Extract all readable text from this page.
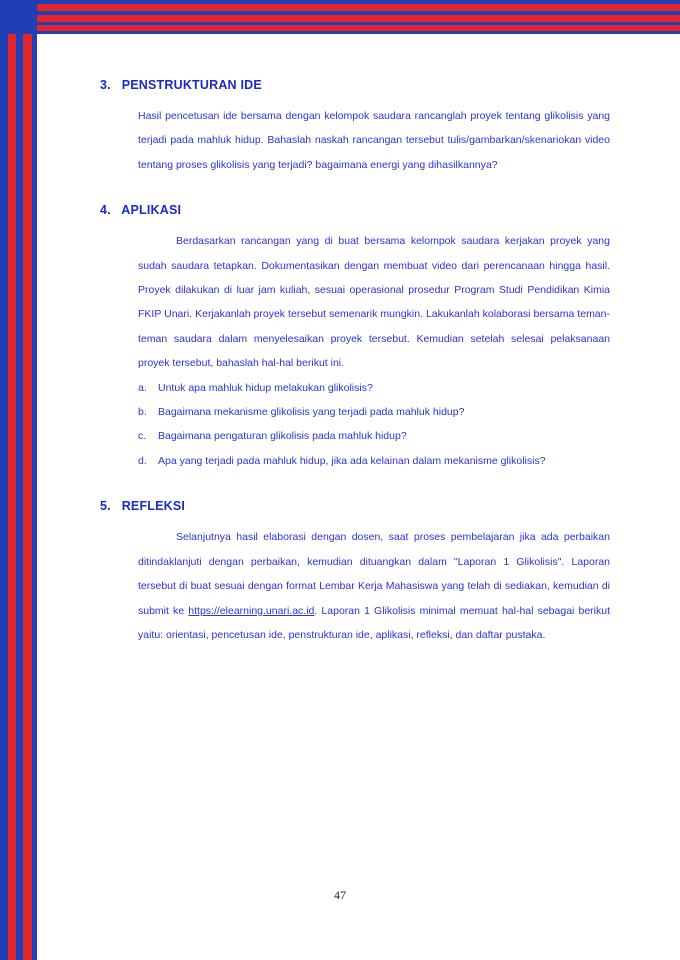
3. PENSTRUKTURAN IDE

Hasil pencetusan ide bersama dengan kelompok saudara rancanglah proyek tentang glikolisis yang terjadi pada mahluk hidup. Bahaslah naskah rancangan tersebut tulis/gambarkan/skenariokan video tentang proses glikolisis yang terjadi? bagaimana energi yang dihasilkannya?

4. APLIKASI

Berdasarkan rancangan yang di buat bersama kelompok saudara kerjakan proyek yang sudah saudara tetapkan. Dokumentasikan dengan membuat video dari perencanaan hingga hasil. Proyek dilakukan di luar jam kuliah, sesuai operasional prosedur Program Studi Pendidikan Kimia FKIP Unari. Kerjakanlah proyek tersebut semenarik mungkin. Lakukanlah kolaborasi bersama teman-teman saudara dalam menyelesaikan proyek tersebut. Kemudian setelah selesai pelaksanaan proyek tersebut, bahaslah hal-hal berikut ini.

a. Untuk apa mahluk hidup melakukan glikolisis?
b. Bagaimana mekanisme glikolisis yang terjadi pada mahluk hidup?
c. Bagaimana pengaturan glikolisis pada mahluk hidup?
d. Apa yang terjadi pada mahluk hidup, jika ada kelainan dalam mekanisme glikolisis?
5. REFLEKSI

Selanjutnya hasil elaborasi dengan dosen, saat proses pembelajaran jika ada perbaikan ditindaklanjuti dengan perbaikan, kemudian dituangkan dalam "Laporan 1 Glikolisis". Laporan tersebut di buat sesuai dengan format Lembar Kerja Mahasiswa yang telah di sediakan, kemudian di submit ke https://elearning.unari.ac.id. Laporan 1 Glikolisis minimal memuat hal-hal sebagai berikut yaitu: orientasi, pencetusan ide, penstrukturan ide, aplikasi, refleksi, dan daftar pustaka.

47
